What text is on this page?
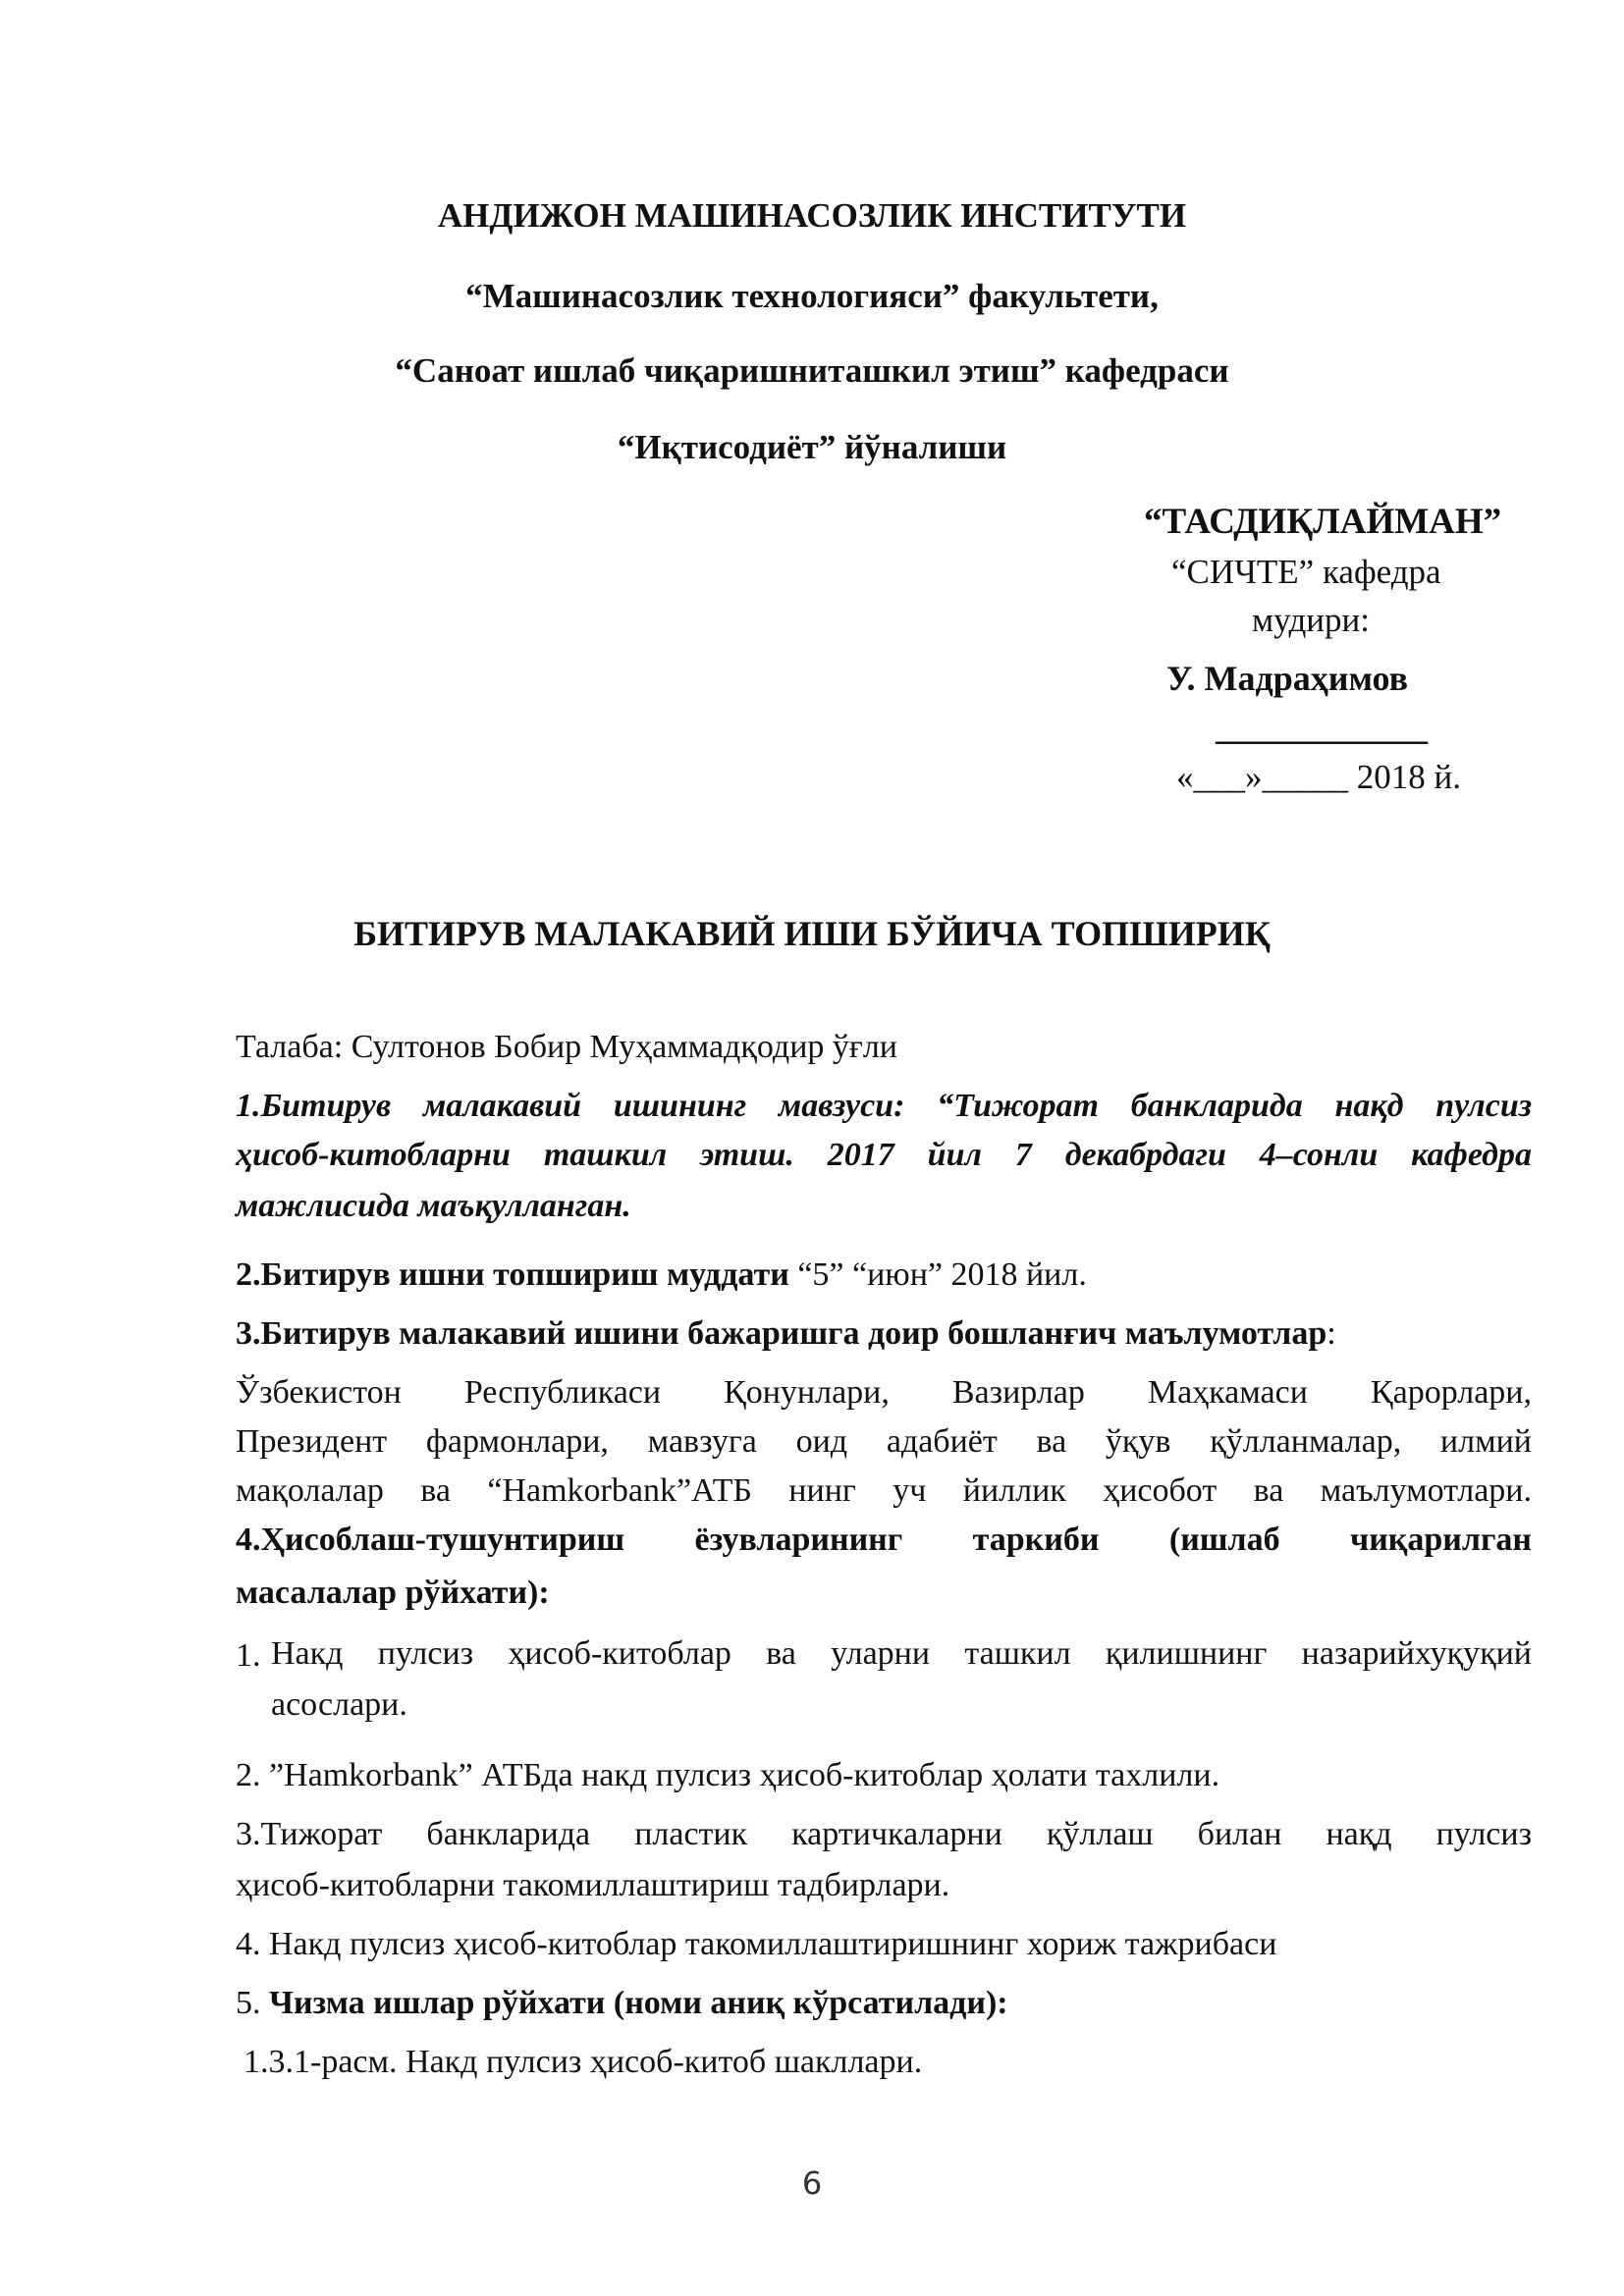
АНДИЖОН МАШИНАСОЗЛИК ИНСТИТУТИ
“Машинасозлик технологияси” факультети,
“Саноат ишлаб чиқаришниташкил этиш” кафедраси
“Иқтисодиёт” йўналиши
“ТАСДИҚЛАЙМАН”
“СИЧТЕ” кафедра
мудири:
У. Мадраҳимов
____________
«___»_____ 2018 й.
БИТИРУВ МАЛАКАВИЙ ИШИ БЎЙИЧА ТОПШИРИҚ
Талаба: Султонов Бобир Муҳаммадқодир ўғли
1.Битирув малакавий ишининг мавзуси: “Тижорат банкларида нақд пулсиз
ҳисоб-китобларни ташкил этиш. 2017 йил 7 декабрдаги 4–сонли кафедра
мажлисида маъқулланган.
2.Битирув ишни топшириш муддати “5” “июн” 2018 йил.
3.Битирув малакавий ишини бажаришга доир бошланғич маълумотлар:
Ўзбекистон Республикаси Қонунлари, Вазирлар Маҳкамаси Қарорлари,
Президент фармонлари, мавзуга оид адабиёт ва ўқув қўлланмалар, илмий
мақолалар ва “Hamkorbank”АТБ нинг уч йиллик ҳисобот ва маълумотлари.
4.Ҳисоблаш-тушунтириш ёзувларининг таркиби (ишлаб чиқарилган
масалалар рўйхати):
1. Накд пулсиз ҳисоб-китоблар ва уларни ташкил қилишнинг назарийхуқуқий
асослари.
2. ”Hamkorbank” АТБда накд пулсиз ҳисоб-китоблар ҳолати тахлили.
3.Тижорат банкларида пластик картичкаларни қўллаш билан нақд пулсиз
ҳисоб-китобларни такомиллаштириш тадбирлари.
4. Накд пулсиз ҳисоб-китоблар такомиллаштиришнинг хориж тажрибаси
5. Чизма ишлар рўйхати (номи аниқ кўрсатилади):
1.3.1-расм. Накд пулсиз ҳисоб-китоб шакллари.
6
